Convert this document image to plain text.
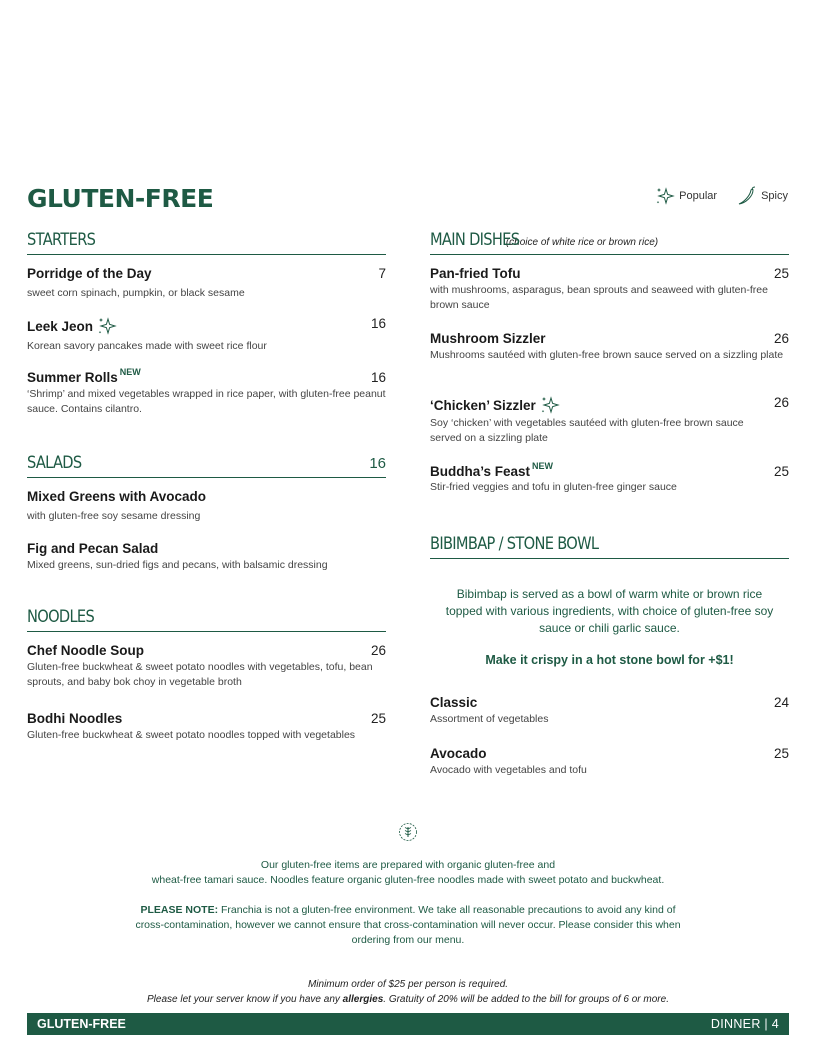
GLUTEN-FREE	Popular	Spicy
STARTERS
Porridge of the Day	7
sweet corn spinach, pumpkin, or black sesame
Leek Jeon	16
Korean savory pancakes made with sweet rice flour
Summer Rolls NEW	16
‘Shrimp’ and mixed vegetables wrapped in rice paper, with gluten-free peanut sauce. Contains cilantro.
SALADS	16
Mixed Greens with Avocado
with gluten-free soy sesame dressing
Fig and Pecan Salad
Mixed greens, sun-dried figs and pecans, with balsamic dressing
NOODLES
Chef Noodle Soup	26
Gluten-free buckwheat & sweet potato noodles with vegetables, tofu, bean sprouts, and baby bok choy in vegetable broth
Bodhi Noodles	25
Gluten-free buckwheat & sweet potato noodles topped with vegetables
MAIN DISHES
(choice of white rice or brown rice)
Pan-fried Tofu	25
with mushrooms, asparagus, bean sprouts and seaweed with gluten-free brown sauce
Mushroom Sizzler	26
Mushrooms sautéed with gluten-free brown sauce served on a sizzling plate
‘Chicken’ Sizzler	26
Soy ‘chicken’ with vegetables sautéed with gluten-free brown sauce served on a sizzling plate
Buddha’s Feast NEW	25
Stir-fried veggies and tofu in gluten-free ginger sauce
BIBIMBAP / STONE BOWL
Bibimbap is served as a bowl of warm white or brown rice topped with various ingredients, with choice of gluten-free soy sauce or chili garlic sauce.
Make it crispy in a hot stone bowl for +$1!
Classic	24
Assortment of vegetables
Avocado	25
Avocado with vegetables and tofu
Our gluten-free items are prepared with organic gluten-free and
wheat-free tamari sauce. Noodles feature organic gluten-free noodles made with sweet potato and buckwheat.
PLEASE NOTE: Franchia is not a gluten-free environment. We take all reasonable precautions to avoid any kind of cross-contamination, however we cannot ensure that cross-contamination will never occur. Please consider this when ordering from our menu.
Minimum order of $25 per person is required.
Please let your server know if you have any allergies. Gratuity of 20% will be added to the bill for groups of 6 or more.
GLUTEN-FREE	DINNER | 4
